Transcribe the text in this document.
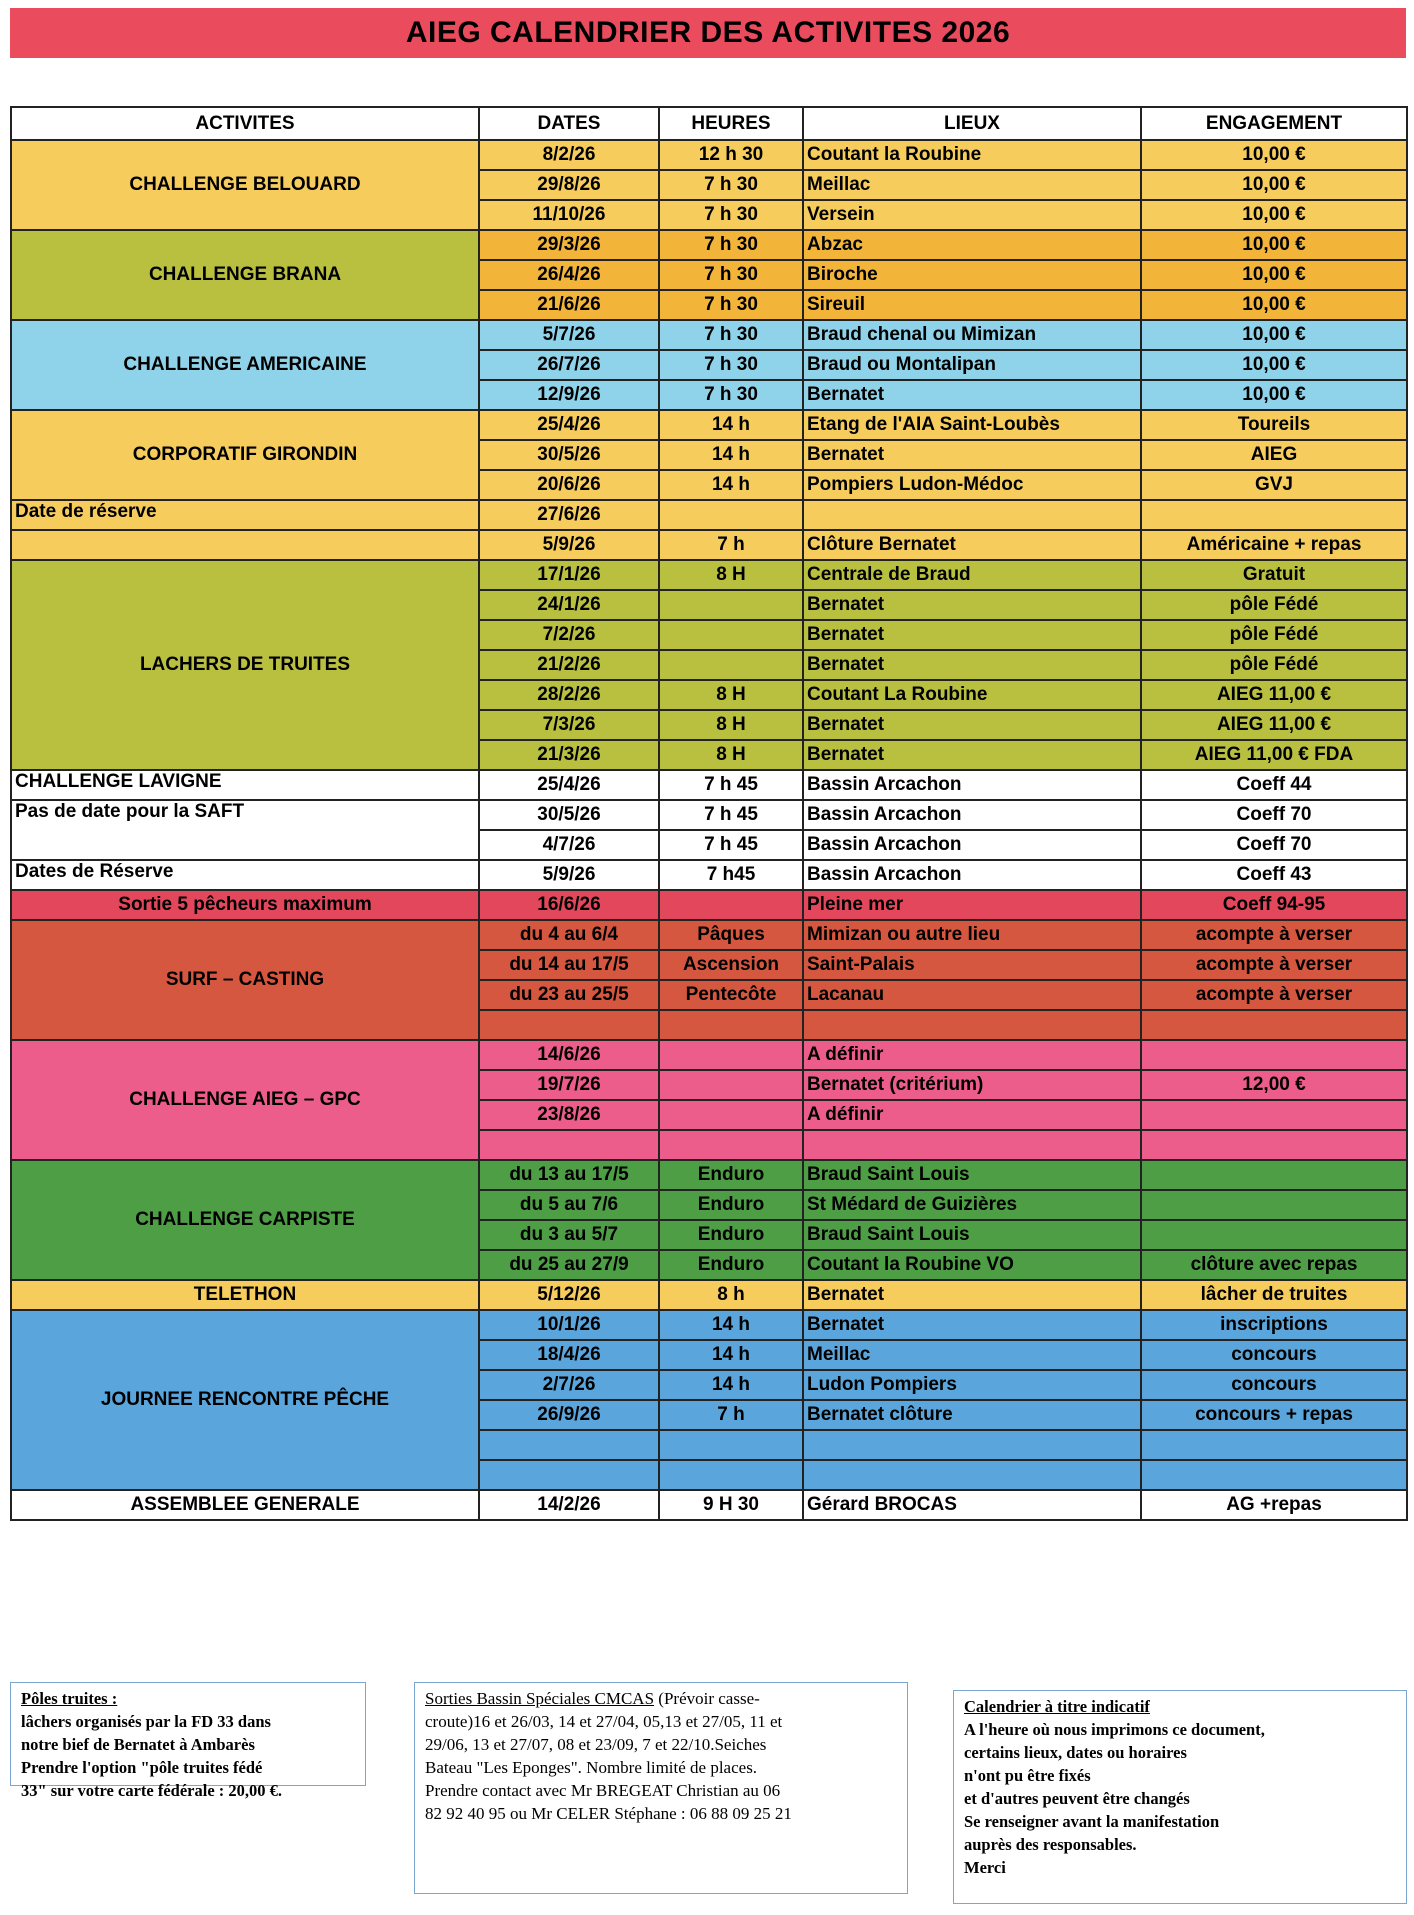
AIEG CALENDRIER DES ACTIVITES 2026
ACTIVITES	DATES	HEURES	LIEUX	ENGAGEMENT
CHALLENGE BELOUARD	8/2/26	12 h 30	Coutant la Roubine	10,00 €
	29/8/26	7 h 30	Meillac	10,00 €
	11/10/26	7 h 30	Versein	10,00 €
CHALLENGE BRANA	29/3/26	7 h 30	Abzac	10,00 €
	26/4/26	7 h 30	Biroche	10,00 €
	21/6/26	7 h 30	Sireuil	10,00 €
CHALLENGE AMERICAINE	5/7/26	7 h 30	Braud chenal ou Mimizan	10,00 €
	26/7/26	7 h 30	Braud ou Montalipan	10,00 €
	12/9/26	7 h 30	Bernatet	10,00 €
CORPORATIF GIRONDIN	25/4/26	14 h	Etang de l'AIA Saint-Loubès	Toureils
	30/5/26	14 h	Bernatet	AIEG
	20/6/26	14 h	Pompiers Ludon-Médoc	GVJ
Date de réserve	27/6/26			
	5/9/26	7 h	Clôture Bernatet	Américaine + repas
LACHERS DE TRUITES	17/1/26	8 H	Centrale de Braud	Gratuit
	24/1/26		Bernatet	pôle Fédé
	7/2/26		Bernatet	pôle Fédé
	21/2/26		Bernatet	pôle Fédé
	28/2/26	8 H	Coutant La Roubine	AIEG 11,00 €
	7/3/26	8 H	Bernatet	AIEG 11,00 €
	21/3/26	8 H	Bernatet	AIEG 11,00 € FDA
CHALLENGE LAVIGNE	25/4/26	7 h 45	Bassin Arcachon	Coeff 44
Pas de date pour la SAFT	30/5/26	7 h 45	Bassin Arcachon	Coeff 70
	4/7/26	7 h 45	Bassin Arcachon	Coeff 70
Dates de Réserve	5/9/26	7 h45	Bassin Arcachon	Coeff 43
Sortie 5 pêcheurs maximum	16/6/26		Pleine mer	Coeff 94-95
SURF – CASTING	du 4 au 6/4	Pâques	Mimizan ou autre lieu	acompte à verser
	du 14 au 17/5	Ascension	Saint-Palais	acompte à verser
	du 23 au 25/5	Pentecôte	Lacanau	acompte à verser

CHALLENGE AIEG – GPC	14/6/26		A définir	
	19/7/26		Bernatet (critérium)	12,00 €
	23/8/26		A définir	

CHALLENGE CARPISTE	du 13 au 17/5	Enduro	Braud Saint Louis	
	du 5 au 7/6	Enduro	St Médard de Guizières	
	du 3 au 5/7	Enduro	Braud Saint Louis	
	du 25 au 27/9	Enduro	Coutant la Roubine VO	clôture avec repas
TELETHON	5/12/26	8 h	Bernatet	lâcher de truites
JOURNEE RENCONTRE PÊCHE	10/1/26	14 h	Bernatet	inscriptions
	18/4/26	14 h	Meillac	concours
	2/7/26	14 h	Ludon Pompiers	concours
	26/9/26	7 h	Bernatet clôture	concours + repas

ASSEMBLEE GENERALE	14/2/26	9 H 30	Gérard BROCAS	AG +repas
Pôles truites :
lâchers organisés par la FD 33 dans
notre bief de Bernatet à Ambarès
Prendre l'option "pôle truites fédé
33" sur votre carte fédérale : 20,00 €.
Sorties Bassin Spéciales CMCAS (Prévoir casse-
croute)16 et 26/03, 14 et 27/04, 05,13 et 27/05, 11 et
29/06, 13 et 27/07, 08 et 23/09, 7 et 22/10.Seiches
Bateau "Les Eponges". Nombre limité de places.
Prendre contact avec Mr BREGEAT Christian au 06
82 92 40 95 ou Mr CELER Stéphane : 06 88 09 25 21
Calendrier à titre indicatif
A l'heure où nous imprimons ce document,
certains lieux, dates ou horaires
n'ont pu être fixés
et d'autres peuvent être changés
Se renseigner avant la manifestation
auprès des responsables.
Merci
